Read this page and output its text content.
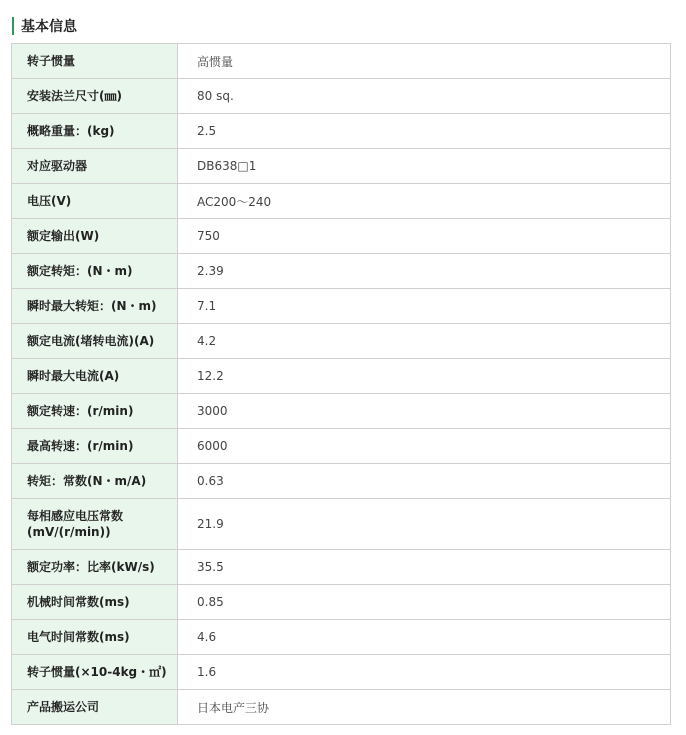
基本信息
转子惯量	高惯量
安装法兰尺寸(㎜)	80 sq.
概略重量：(kg)	2.5
对应驱动器	DB638□1
电压(V)	AC200～240
额定输出(W)	750
额定转矩：(N・m)	2.39
瞬时最大转矩：(N・m)	7.1
额定电流(堵转电流)(A)	4.2
瞬时最大电流(A)	12.2
额定转速：(r/min)	3000
最高转速：(r/min)	6000
转矩：常数(N・m/A)	0.63
每相感应电压常数(mV/(r/min))	21.9
额定功率：比率(kW/s)	35.5
机械时间常数(ms)	0.85
电气时间常数(ms)	4.6
转子惯量(×10-4kg・㎡)	1.6
产品搬运公司	日本电产三协
